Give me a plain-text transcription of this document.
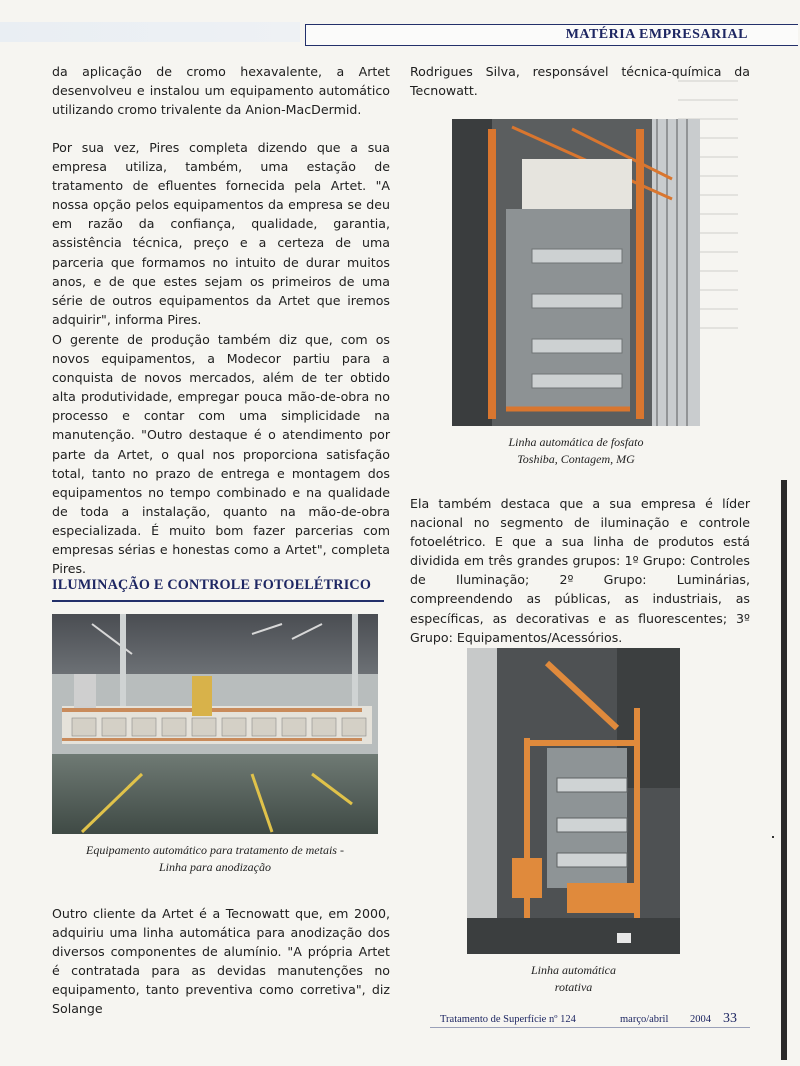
MATÉRIA EMPRESARIAL

da aplicação de cromo hexavalente, a Artet desenvolveu e instalou um equipamento automático utilizando cromo trivalente da Anion-MacDermid.

Por sua vez, Pires completa dizendo que a sua empresa utiliza, também, uma estação de tratamento de efluentes fornecida pela Artet. "A nossa opção pelos equipamentos da empresa se deu em razão da confiança, qualidade, garantia, assistência técnica, preço e a certeza de uma parceria que formamos no intuito de durar muitos anos, e de que estes sejam os primeiros de uma série de outros equipamentos da Artet que iremos adquirir", informa Pires.

O gerente de produção também diz que, com os novos equipamentos, a Modecor partiu para a conquista de novos mercados, além de ter obtido alta produtividade, empregar pouca mão-de-obra no processo e contar com uma simplicidade na manutenção. "Outro destaque é o atendimento por parte da Artet, o qual nos proporciona satisfação total, tanto no prazo de entrega e montagem dos equipamentos no tempo combinado e na qualidade de toda a instalação, quanto na mão-de-obra especializada. É muito bom fazer parcerias com empresas sérias e honestas como a Artet", completa Pires.

ILUMINAÇÃO E CONTROLE FOTOELÉTRICO
Equipamento automático para tratamento de metais -
Linha para anodização

Outro cliente da Artet é a Tecnowatt que, em 2000, adquiriu uma linha automática para anodização dos diversos componentes de alumínio. "A própria Artet é contratada para as devidas manutenções no equipamento, tanto preventiva como corretiva", diz Solange

Rodrigues Silva, responsável técnica-química da Tecnowatt.

Linha automática de fosfato
Toshiba, Contagem, MG

Ela também destaca que a sua empresa é líder nacional no segmento de iluminação e controle fotoelétrico. E que a sua linha de produtos está dividida em três grandes grupos: 1º Grupo: Controles de Iluminação; 2º Grupo: Luminárias, compreendendo as públicas, as industriais, as específicas, as decorativas e as fluorescentes; 3º Grupo: Equipamentos/Acessórios.

Linha automática
rotativa
Tratamento de Superfície nº 124	março/abril 2004 33
